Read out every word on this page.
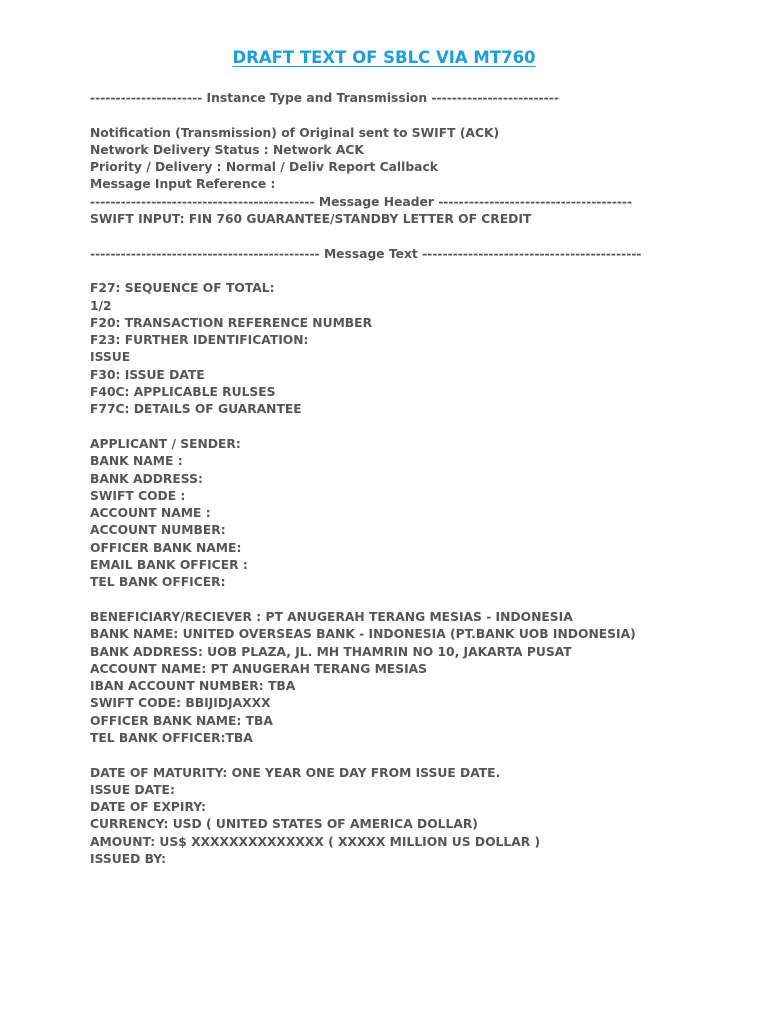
DRAFT TEXT OF SBLC VIA MT760
---------------------- Instance Type and Transmission -------------------------
Notification (Transmission) of Original sent to SWIFT (ACK)
Network Delivery Status : Network ACK
Priority / Delivery : Normal / Deliv Report Callback
Message Input Reference :
-------------------------------------------- Message Header --------------------------------------
SWIFT INPUT: FIN 760 GUARANTEE/STANDBY LETTER OF CREDIT
--------------------------------------------- Message Text -------------------------------------------
F27: SEQUENCE OF TOTAL:
1/2
F20: TRANSACTION REFERENCE NUMBER
F23: FURTHER IDENTIFICATION:
ISSUE
F30: ISSUE DATE
F40C: APPLICABLE RULSES
F77C: DETAILS OF GUARANTEE
APPLICANT / SENDER:
BANK NAME :
BANK ADDRESS:
SWIFT CODE :
ACCOUNT NAME :
ACCOUNT NUMBER:
OFFICER BANK NAME:
EMAIL BANK OFFICER :
TEL BANK OFFICER:
BENEFICIARY/RECIEVER : PT ANUGERAH TERANG MESIAS - INDONESIA
BANK NAME: UNITED OVERSEAS BANK - INDONESIA (PT.BANK UOB INDONESIA)
BANK ADDRESS: UOB PLAZA, JL. MH THAMRIN NO 10, JAKARTA PUSAT
ACCOUNT NAME: PT ANUGERAH TERANG MESIAS
IBAN ACCOUNT NUMBER: TBA
SWIFT CODE: BBIJIDJAXXX
OFFICER BANK NAME: TBA
TEL BANK OFFICER:TBA
DATE OF MATURITY: ONE YEAR ONE DAY FROM ISSUE DATE.
ISSUE DATE:
DATE OF EXPIRY:
CURRENCY: USD ( UNITED STATES OF AMERICA DOLLAR)
AMOUNT: US$ XXXXXXXXXXXXXX ( XXXXX MILLION US DOLLAR )
ISSUED BY:
